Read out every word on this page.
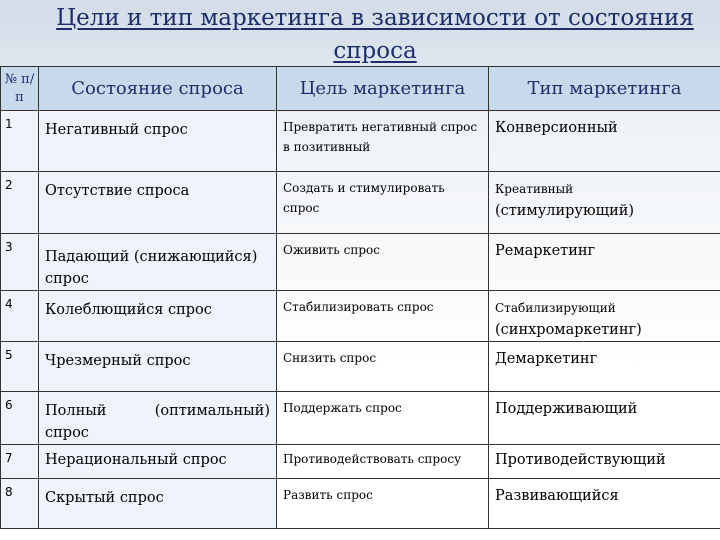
Цели и тип маркетинга в зависимости от состояния спроса
№ п/п	Состояние спроса	Цель маркетинга	Тип маркетинга
1	Негативный спрос	Превратить негативный спрос в позитивный	Конверсионный

2	Отсутствие спроса	Создать и стимулировать спрос	Креативный
(стимулирующий)

3	Падающий (снижающийся) спрос	Оживить спрос	Ремаркетинг

4	Колеблющийся спрос	Стабилизировать спрос	Стабилизирующий
(синхромаркетинг)

5	Чрезмерный спрос	Снизить спрос	Демаркетинг

6	Полный (оптимальный) спрос	Поддержать спрос	Поддерживающий

7	Нерациональный спрос	Противодействовать спросу	Противодействующий

8	Скрытый спрос	Развить спрос	Развивающийся
